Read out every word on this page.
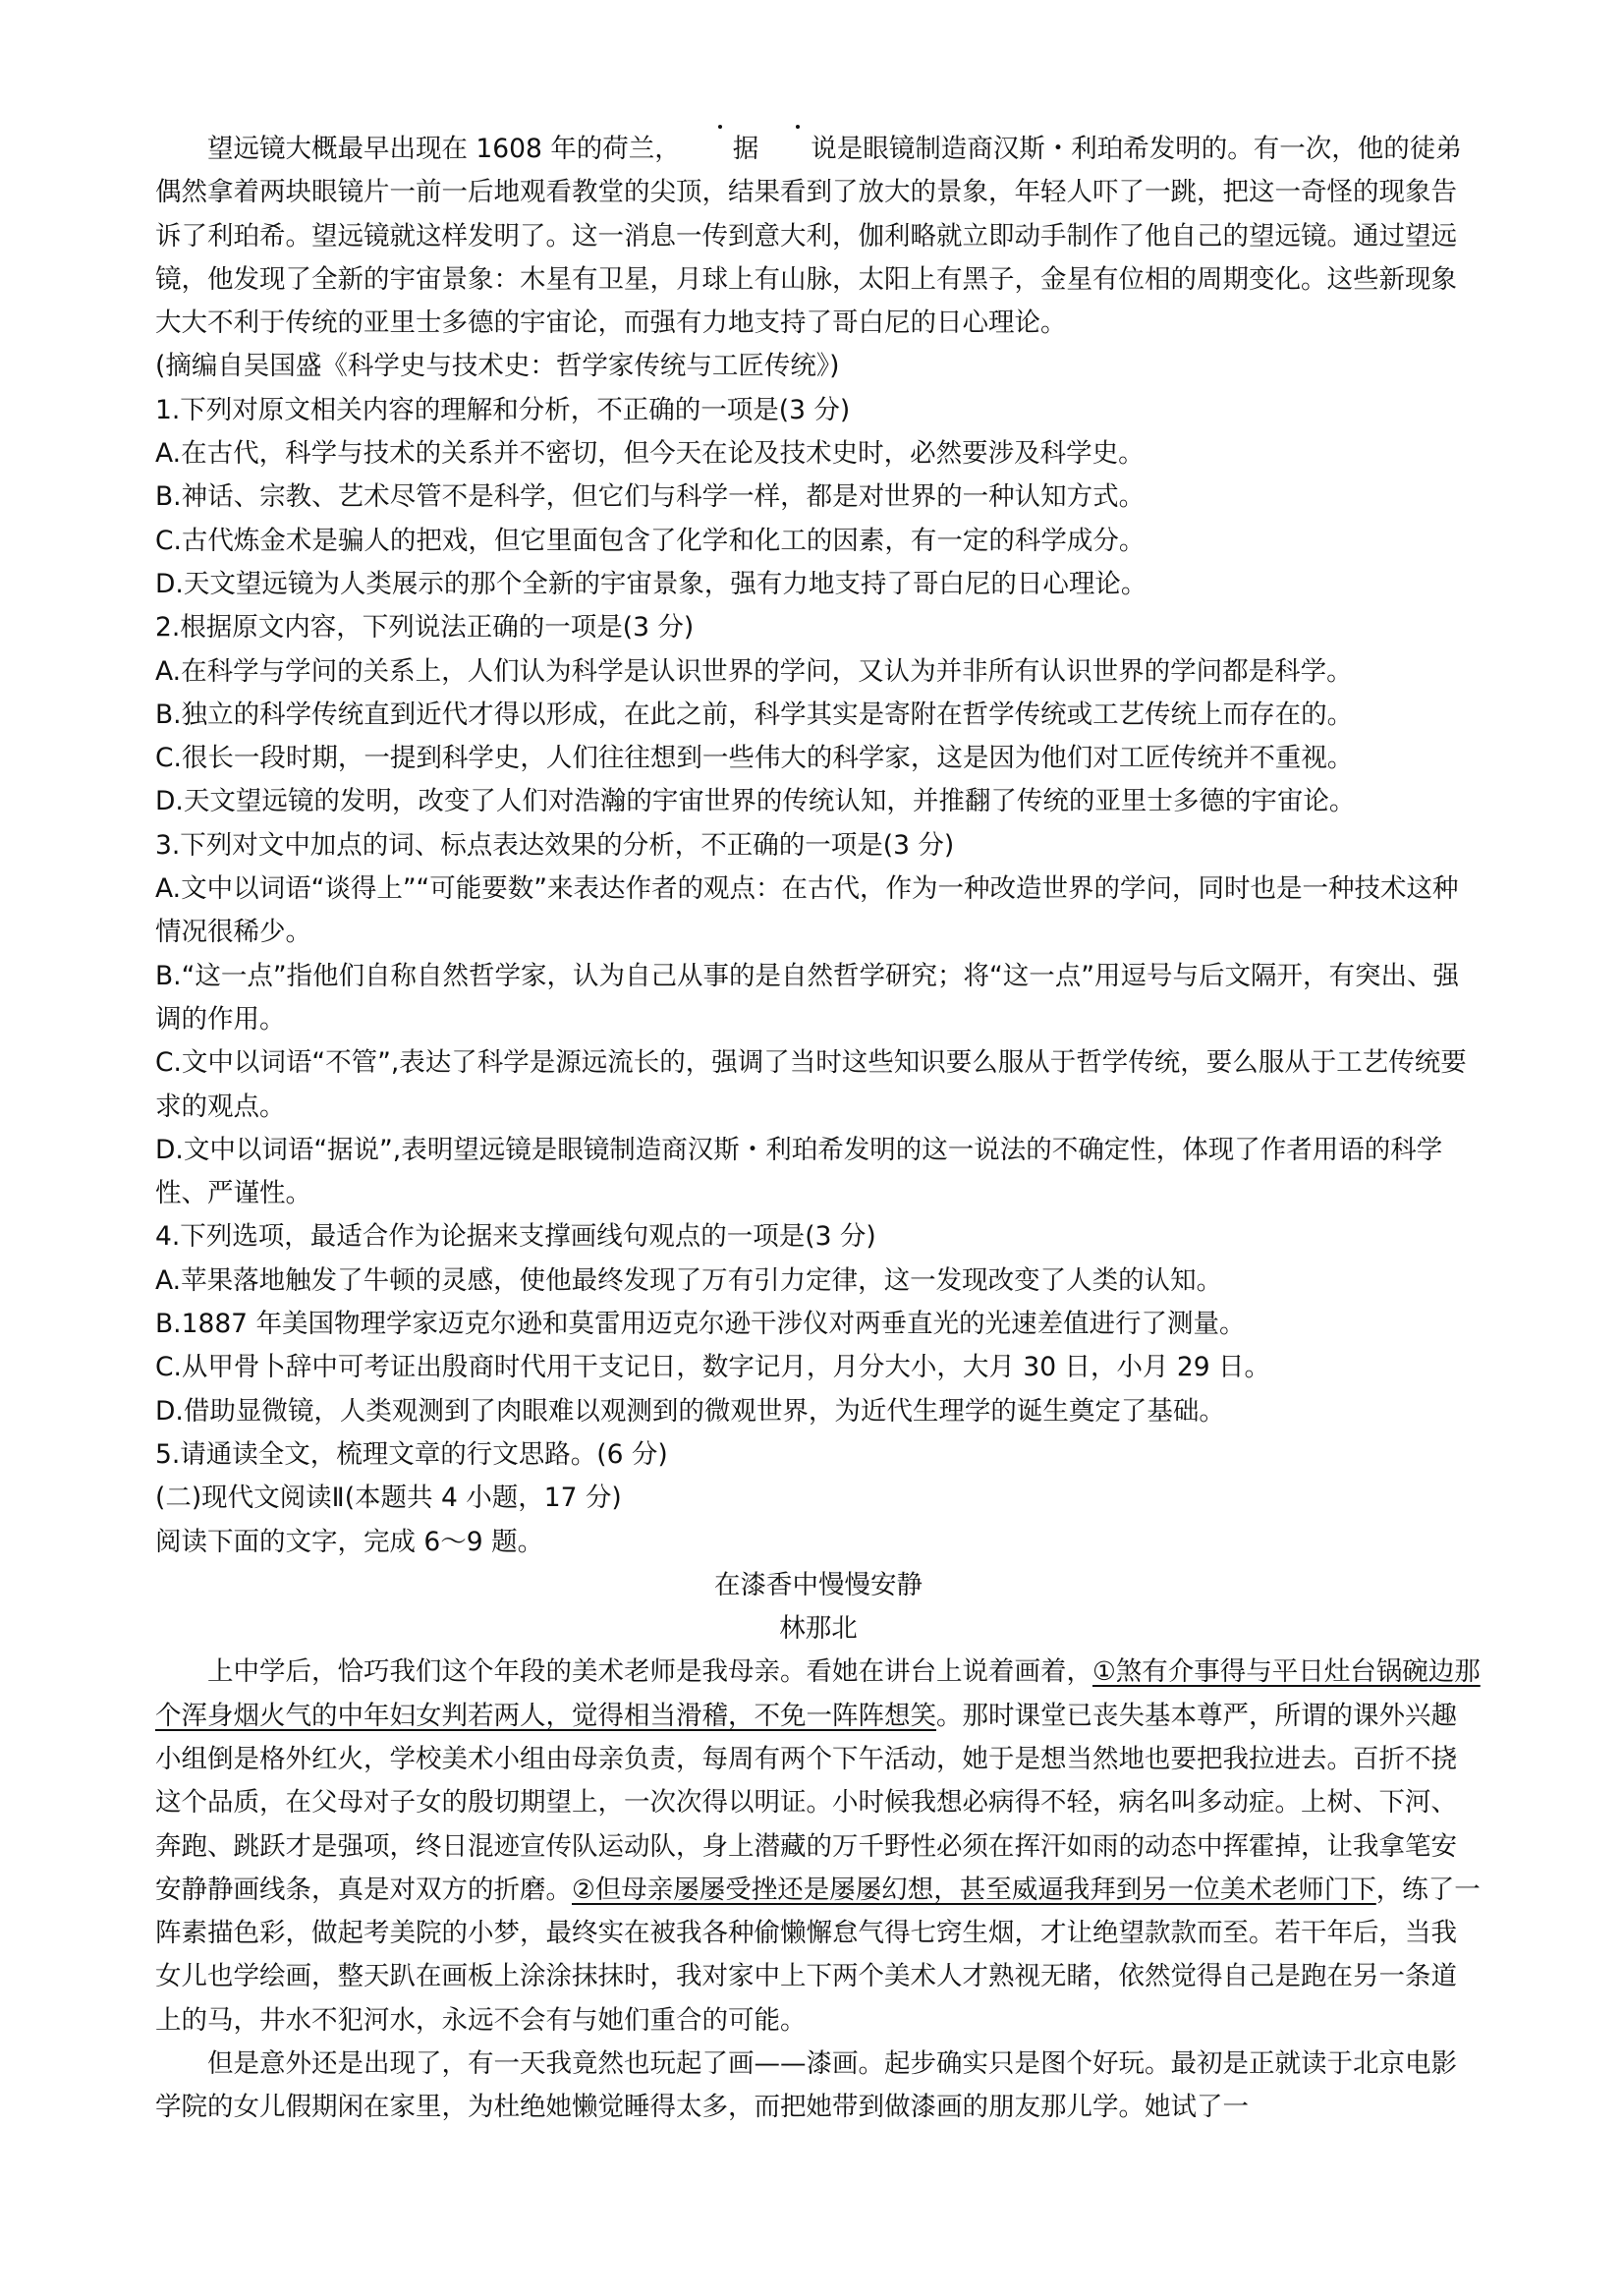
望远镜大概最早出现在 1608 年的荷兰， 据 说是眼镜制造商汉斯・利珀希发明的。有一次，他的徒弟偶然拿着两块眼镜片一前一后地观看教堂的尖顶，结果看到了放大的景象，年轻人吓了一跳，把这一奇怪的现象告诉了利珀希。望远镜就这样发明了。这一消息一传到意大利，伽利略就立即动手制作了他自己的望远镜。通过望远镜，他发现了全新的宇宙景象：木星有卫星，月球上有山脉，太阳上有黑子，金星有位相的周期变化。这些新现象大大不利于传统的亚里士多德的宇宙论，而强有力地支持了哥白尼的日心理论。

(摘编自吴国盛《科学史与技术史：哲学家传统与工匠传统》)

1.下列对原文相关内容的理解和分析，不正确的一项是(3 分)

A.在古代，科学与技术的关系并不密切，但今天在论及技术史时，必然要涉及科学史。

B.神话、宗教、艺术尽管不是科学，但它们与科学一样，都是对世界的一种认知方式。

C.古代炼金术是骗人的把戏，但它里面包含了化学和化工的因素，有一定的科学成分。

D.天文望远镜为人类展示的那个全新的宇宙景象，强有力地支持了哥白尼的日心理论。

2.根据原文内容，下列说法正确的一项是(3 分)

A.在科学与学问的关系上，人们认为科学是认识世界的学问，又认为并非所有认识世界的学问都是科学。

B.独立的科学传统直到近代才得以形成，在此之前，科学其实是寄附在哲学传统或工艺传统上而存在的。

C.很长一段时期，一提到科学史，人们往往想到一些伟大的科学家，这是因为他们对工匠传统并不重视。

D.天文望远镜的发明，改变了人们对浩瀚的宇宙世界的传统认知，并推翻了传统的亚里士多德的宇宙论。

3.下列对文中加点的词、标点表达效果的分析，不正确的一项是(3 分)

A.文中以词语“谈得上”“可能要数”来表达作者的观点：在古代，作为一种改造世界的学问，同时也是一种技术这种情况很稀少。

B.“这一点”指他们自称自然哲学家，认为自己从事的是自然哲学研究；将“这一点”用逗号与后文隔开，有突出、强调的作用。

C.文中以词语“不管”,表达了科学是源远流长的，强调了当时这些知识要么服从于哲学传统，要么服从于工艺传统要求的观点。

D.文中以词语“据说”,表明望远镜是眼镜制造商汉斯・利珀希发明的这一说法的不确定性，体现了作者用语的科学性、严谨性。

4.下列选项，最适合作为论据来支撑画线句观点的一项是(3 分)

A.苹果落地触发了牛顿的灵感，使他最终发现了万有引力定律，这一发现改变了人类的认知。

B.1887 年美国物理学家迈克尔逊和莫雷用迈克尔逊干涉仪对两垂直光的光速差值进行了测量。

C.从甲骨卜辞中可考证出殷商时代用干支记日，数字记月，月分大小，大月 30 日，小月 29 日。

D.借助显微镜，人类观测到了肉眼难以观测到的微观世界，为近代生理学的诞生奠定了基础。

5.请通读全文，梳理文章的行文思路。(6 分)

(二)现代文阅读Ⅱ(本题共 4 小题，17 分)

阅读下面的文字，完成 6～9 题。

在漆香中慢慢安静

林那北

上中学后，恰巧我们这个年段的美术老师是我母亲。看她在讲台上说着画着，①煞有介事得与平日灶台锅碗边那个浑身烟火气的中年妇女判若两人，觉得相当滑稽，不免一阵阵想笑。那时课堂已丧失基本尊严，所谓的课外兴趣小组倒是格外红火，学校美术小组由母亲负责，每周有两个下午活动，她于是想当然地也要把我拉进去。百折不挠这个品质，在父母对子女的殷切期望上，一次次得以明证。小时候我想必病得不轻，病名叫多动症。上树、下河、奔跑、跳跃才是强项，终日混迹宣传队运动队，身上潜藏的万千野性必须在挥汗如雨的动态中挥霍掉，让我拿笔安安静静画线条，真是对双方的折磨。②但母亲屡屡受挫还是屡屡幻想，甚至威逼我拜到另一位美术老师门下，练了一阵素描色彩，做起考美院的小梦，最终实在被我各种偷懒懈怠气得七窍生烟，才让绝望款款而至。若干年后，当我女儿也学绘画，整天趴在画板上涂涂抹抹时，我对家中上下两个美术人才熟视无睹，依然觉得自己是跑在另一条道上的马，井水不犯河水，永远不会有与她们重合的可能。

但是意外还是出现了，有一天我竟然也玩起了画——漆画。起步确实只是图个好玩。最初是正就读于北京电影学院的女儿假期闲在家里，为杜绝她懒觉睡得太多，而把她带到做漆画的朋友那儿学。她试了一
